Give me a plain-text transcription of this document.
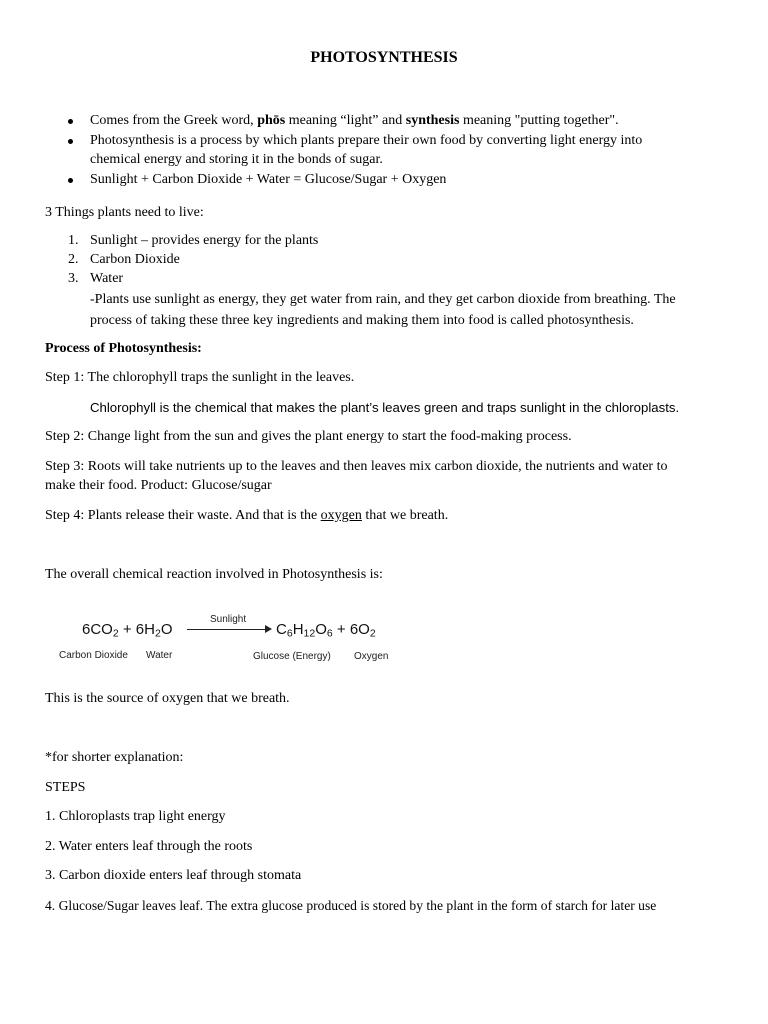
PHOTOSYNTHESIS
Comes from the Greek word, phōs meaning “light” and synthesis meaning "putting together".
Photosynthesis is a process by which plants prepare their own food by converting light energy into
chemical energy and storing it in the bonds of sugar.
Sunlight + Carbon Dioxide + Water = Glucose/Sugar + Oxygen

3 Things plants need to live:

1. Sunlight – provides energy for the plants
2. Carbon Dioxide
3. Water

-Plants use sunlight as energy, they get water from rain, and they get carbon dioxide from breathing. The
process of taking these three key ingredients and making them into food is called photosynthesis.

Process of Photosynthesis:

Step 1: The chlorophyll traps the sunlight in the leaves.

Chlorophyll is the chemical that makes the plant’s leaves green and traps sunlight in the chloroplasts.

Step 2: Change light from the sun and gives the plant energy to start the food-making process.

Step 3: Roots will take nutrients up to the leaves and then leaves mix carbon dioxide, the nutrients and water to
make their food. Product: Glucose/sugar

Step 4: Plants release their waste. And that is the oxygen that we breath.

The overall chemical reaction involved in Photosynthesis is:

$6CO_2 + 6H_2O$
Sunlight
$C_6H_{12}O_6 + 6O_2$
Carbon Dioxide Water	Glucose (Energy) Oxygen

This is the source of oxygen that we breath.

*for shorter explanation:

STEPS

1. Chloroplasts trap light energy

2. Water enters leaf through the roots

3. Carbon dioxide enters leaf through stomata

4. Glucose/Sugar leaves leaf. The extra glucose produced is stored by the plant in the form of starch for later use
